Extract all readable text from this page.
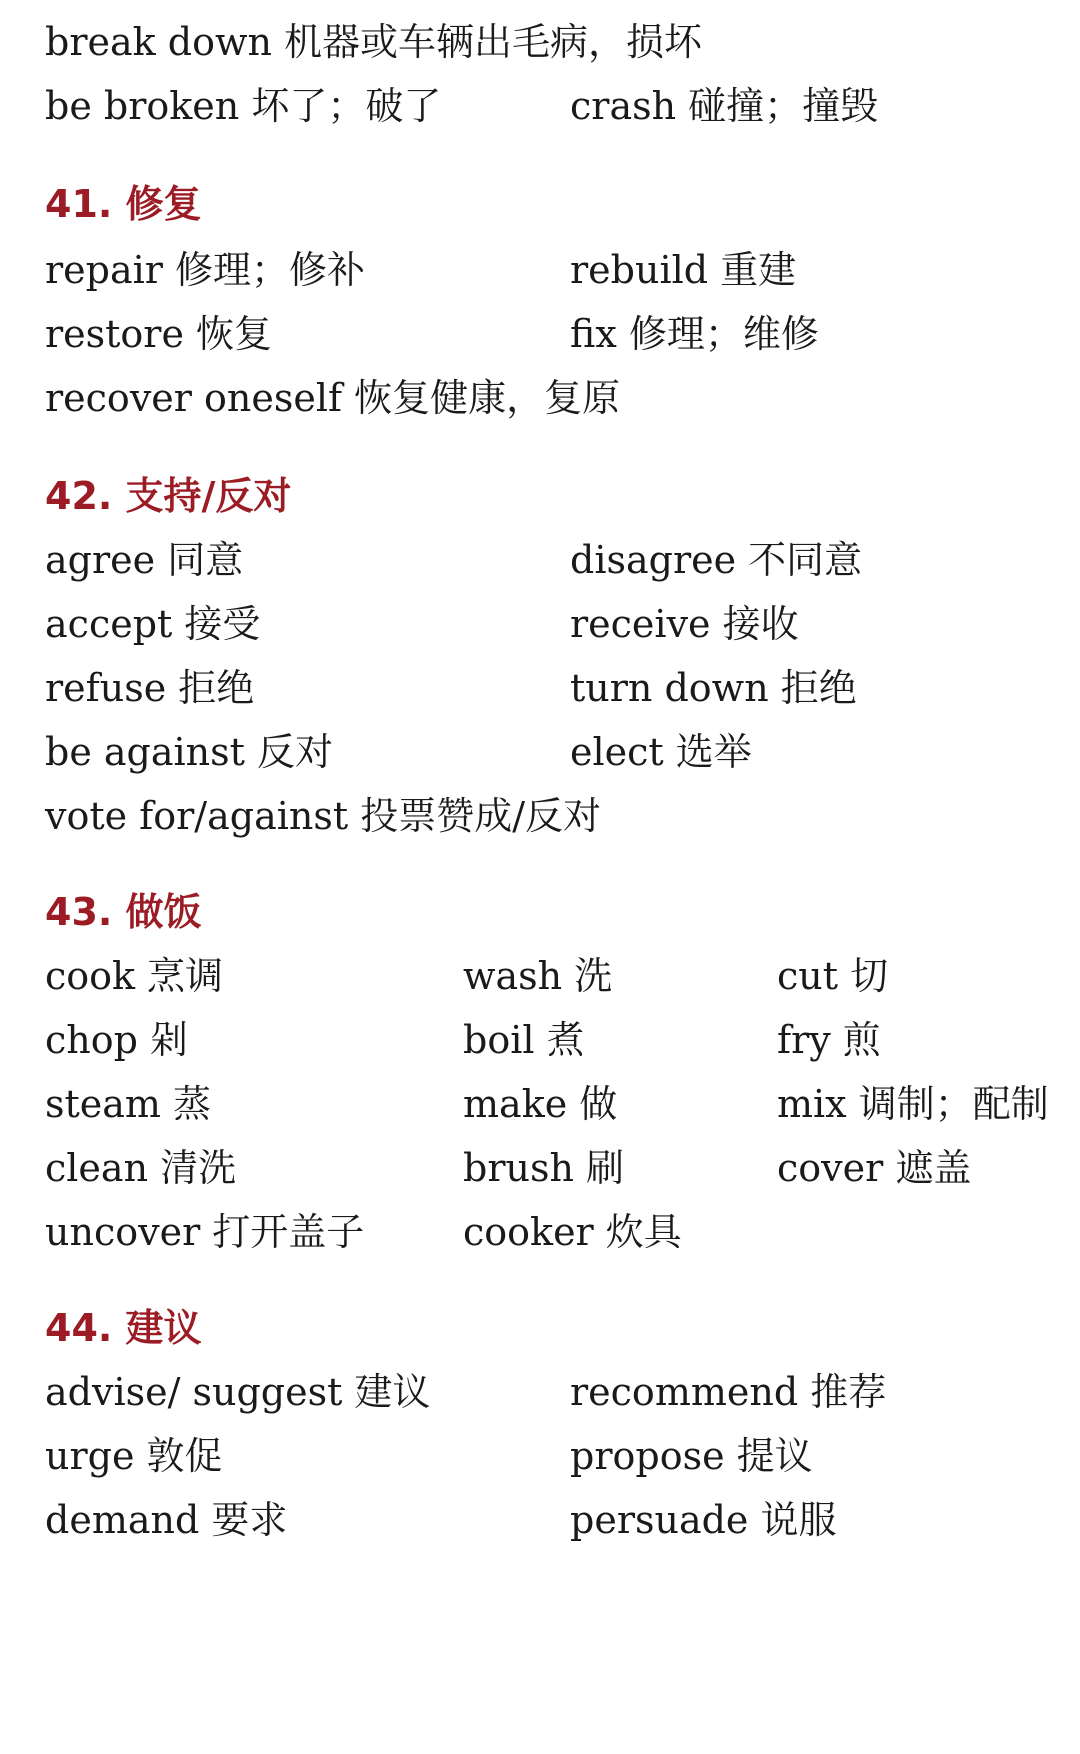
break down 机器或车辆出毛病，损坏
be broken 坏了；破了	crash 碰撞；撞毁
41. 修复
repair 修理；修补	rebuild 重建
restore 恢复	fix 修理；维修
recover oneself 恢复健康，复原
42. 支持/反对
agree 同意	disagree 不同意
accept 接受	receive 接收
refuse 拒绝	turn down 拒绝
be against 反对	elect 选举
vote for/against 投票赞成/反对
43. 做饭
cook 烹调	wash 洗	cut 切
chop 剁	boil 煮	fry 煎
steam 蒸	make 做	mix 调制；配制
clean 清洗	brush 刷	cover 遮盖
uncover 打开盖子	cooker 炊具
44. 建议
advise/ suggest 建议	recommend 推荐
urge 敦促	propose 提议
demand 要求	persuade 说服
